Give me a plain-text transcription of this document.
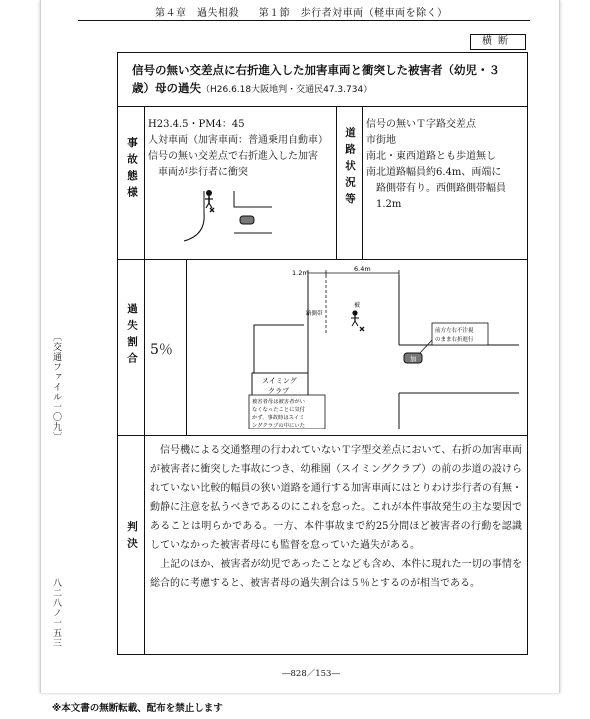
第４章　過失相殺 第１節　歩行者対車両（軽車両を除く）
〔交通ファイル一〇九〕
八二八ノ一五三
横断
信号の無い交差点に右折進入した加害車両と衝突した被害者（幼児・３
歳）母の過失（H26.6.18大阪地判・交通民47.3.734）
事故態様	道路状況等
過失割合
判決
H23.4.5・PM4：45
人対車両（加害車両：普通乗用自動車）
信号の無い交差点で右折進入した加害
車両が歩行者に衝突
信号の無いＴ字路交差点
市街地
南北・東西道路とも歩道無し
南北道路幅員約6.4m、両端に
路側帯有り。西側路側帯幅員
1.2m
5％
1.2m	6.4m
スイミング
クラブ
路側帯
被
加
前方左右不注視
のまま右折進行
被害者母は被害者がい
なくなったことに気付
かず、事故時はスイミ
ングクラブの中にいた

信号機による交通整理の行われていないＴ字型交差点において、右折の加害車両が被害者に衝突した事故につき、幼稚園（スイミングクラブ）の前の歩道の設けられていない比較的幅員の狭い道路を通行する加害車両にはとりわけ歩行者の有無・動静に注意を払うべきであるのにこれを怠った。これが本件事故発生の主な要因であることは明らかである。一方、本件事故まで約25分間ほど被害者の行動を認識していなかった被害者母にも監督を怠っていた過失がある。

上記のほか、被害者が幼児であったことなども含め、本件に現れた一切の事情を総合的に考慮すると、被害者母の過失割合は５％とするのが相当である。

―828／153―
※本文書の無断転載、配布を禁止します
